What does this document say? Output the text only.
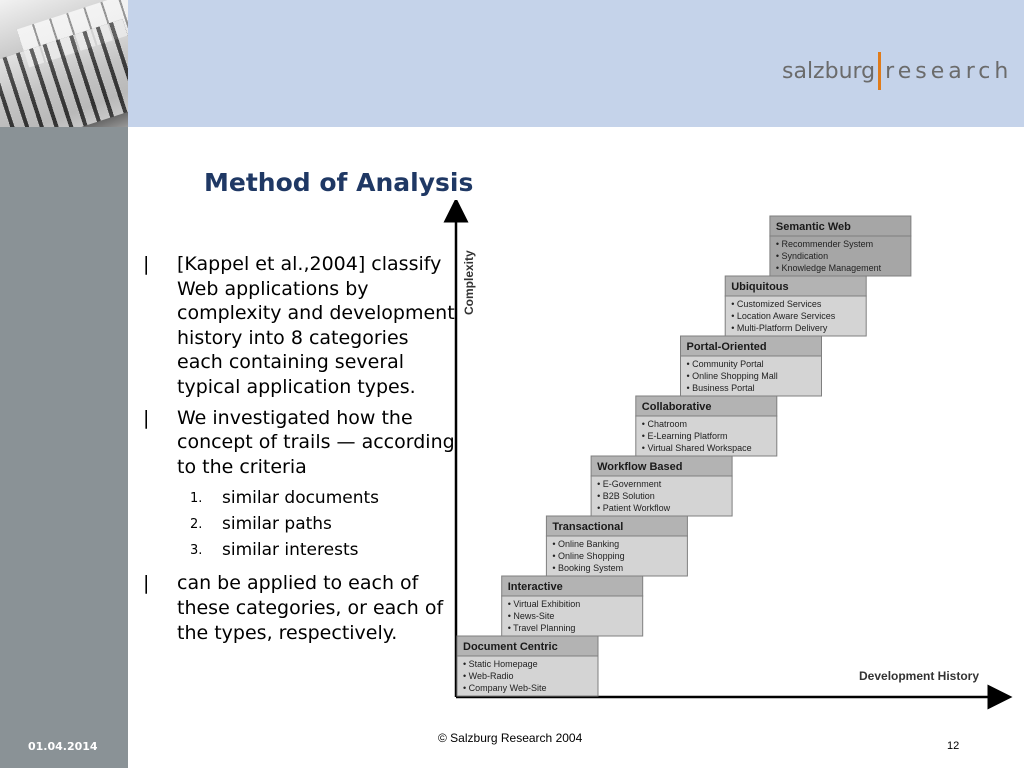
salzburg research
Method of Analysis
| [Kappel et al.,2004] classify Web applications by complexity and development history into 8 categories each containing several typical application types.
| We investigated how the concept of trails — according to the criteria
1. similar documents
2. similar paths
3. similar interests
| can be applied to each of these categories, or each of the types, respectively.
Complexity
Development History
Document Centric
• Static Homepage
• Web-Radio
• Company Web-Site
Interactive
• Virtual Exhibition
• News-Site
• Travel Planning
Transactional
• Online Banking
• Online Shopping
• Booking System
Workflow Based
• E-Government
• B2B Solution
• Patient Workflow
Collaborative
• Chatroom
• E-Learning Platform
• Virtual Shared Workspace
Portal-Oriented
• Community Portal
• Online Shopping Mall
• Business Portal
Ubiquitous
• Customized Services
• Location Aware Services
• Multi-Platform Delivery
Semantic Web
• Recommender System
• Syndication
• Knowledge Management
01.04.2014
© Salzburg Research 2004
12
